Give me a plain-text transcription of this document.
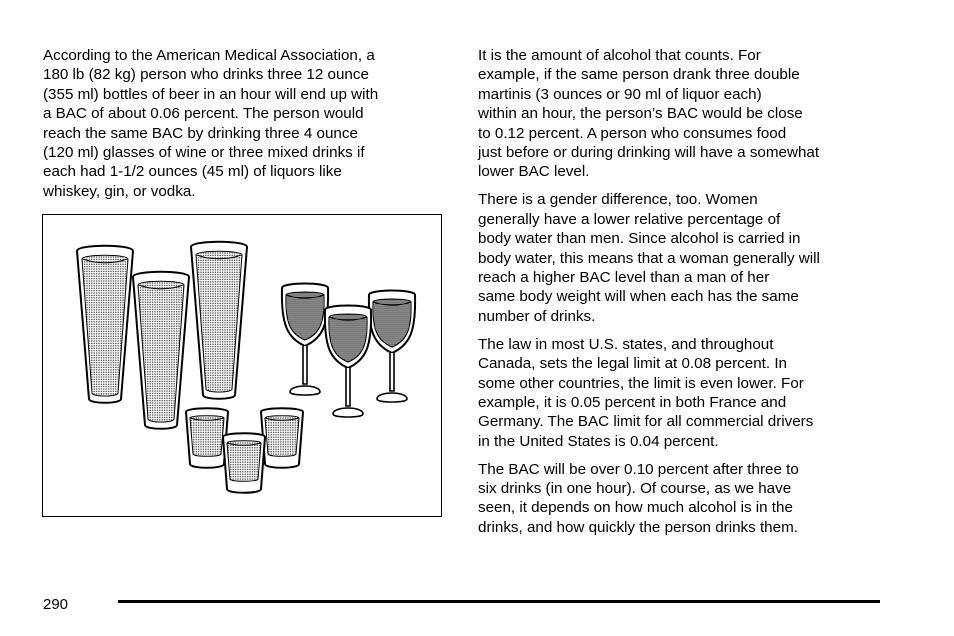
According to the American Medical Association, a
180 lb (82 kg) person who drinks three 12 ounce
(355 ml) bottles of beer in an hour will end up with
a BAC of about 0.06 percent. The person would
reach the same BAC by drinking three 4 ounce
(120 ml) glasses of wine or three mixed drinks if
each had 1-1/2 ounces (45 ml) of liquors like
whiskey, gin, or vodka.

It is the amount of alcohol that counts. For
example, if the same person drank three double
martinis (3 ounces or 90 ml of liquor each)
within an hour, the person’s BAC would be close
to 0.12 percent. A person who consumes food
just before or during drinking will have a somewhat
lower BAC level.

There is a gender difference, too. Women
generally have a lower relative percentage of
body water than men. Since alcohol is carried in
body water, this means that a woman generally will
reach a higher BAC level than a man of her
same body weight will when each has the same
number of drinks.

The law in most U.S. states, and throughout
Canada, sets the legal limit at 0.08 percent. In
some other countries, the limit is even lower. For
example, it is 0.05 percent in both France and
Germany. The BAC limit for all commercial drivers
in the United States is 0.04 percent.

The BAC will be over 0.10 percent after three to
six drinks (in one hour). Of course, as we have
seen, it depends on how much alcohol is in the
drinks, and how quickly the person drinks them.

290
